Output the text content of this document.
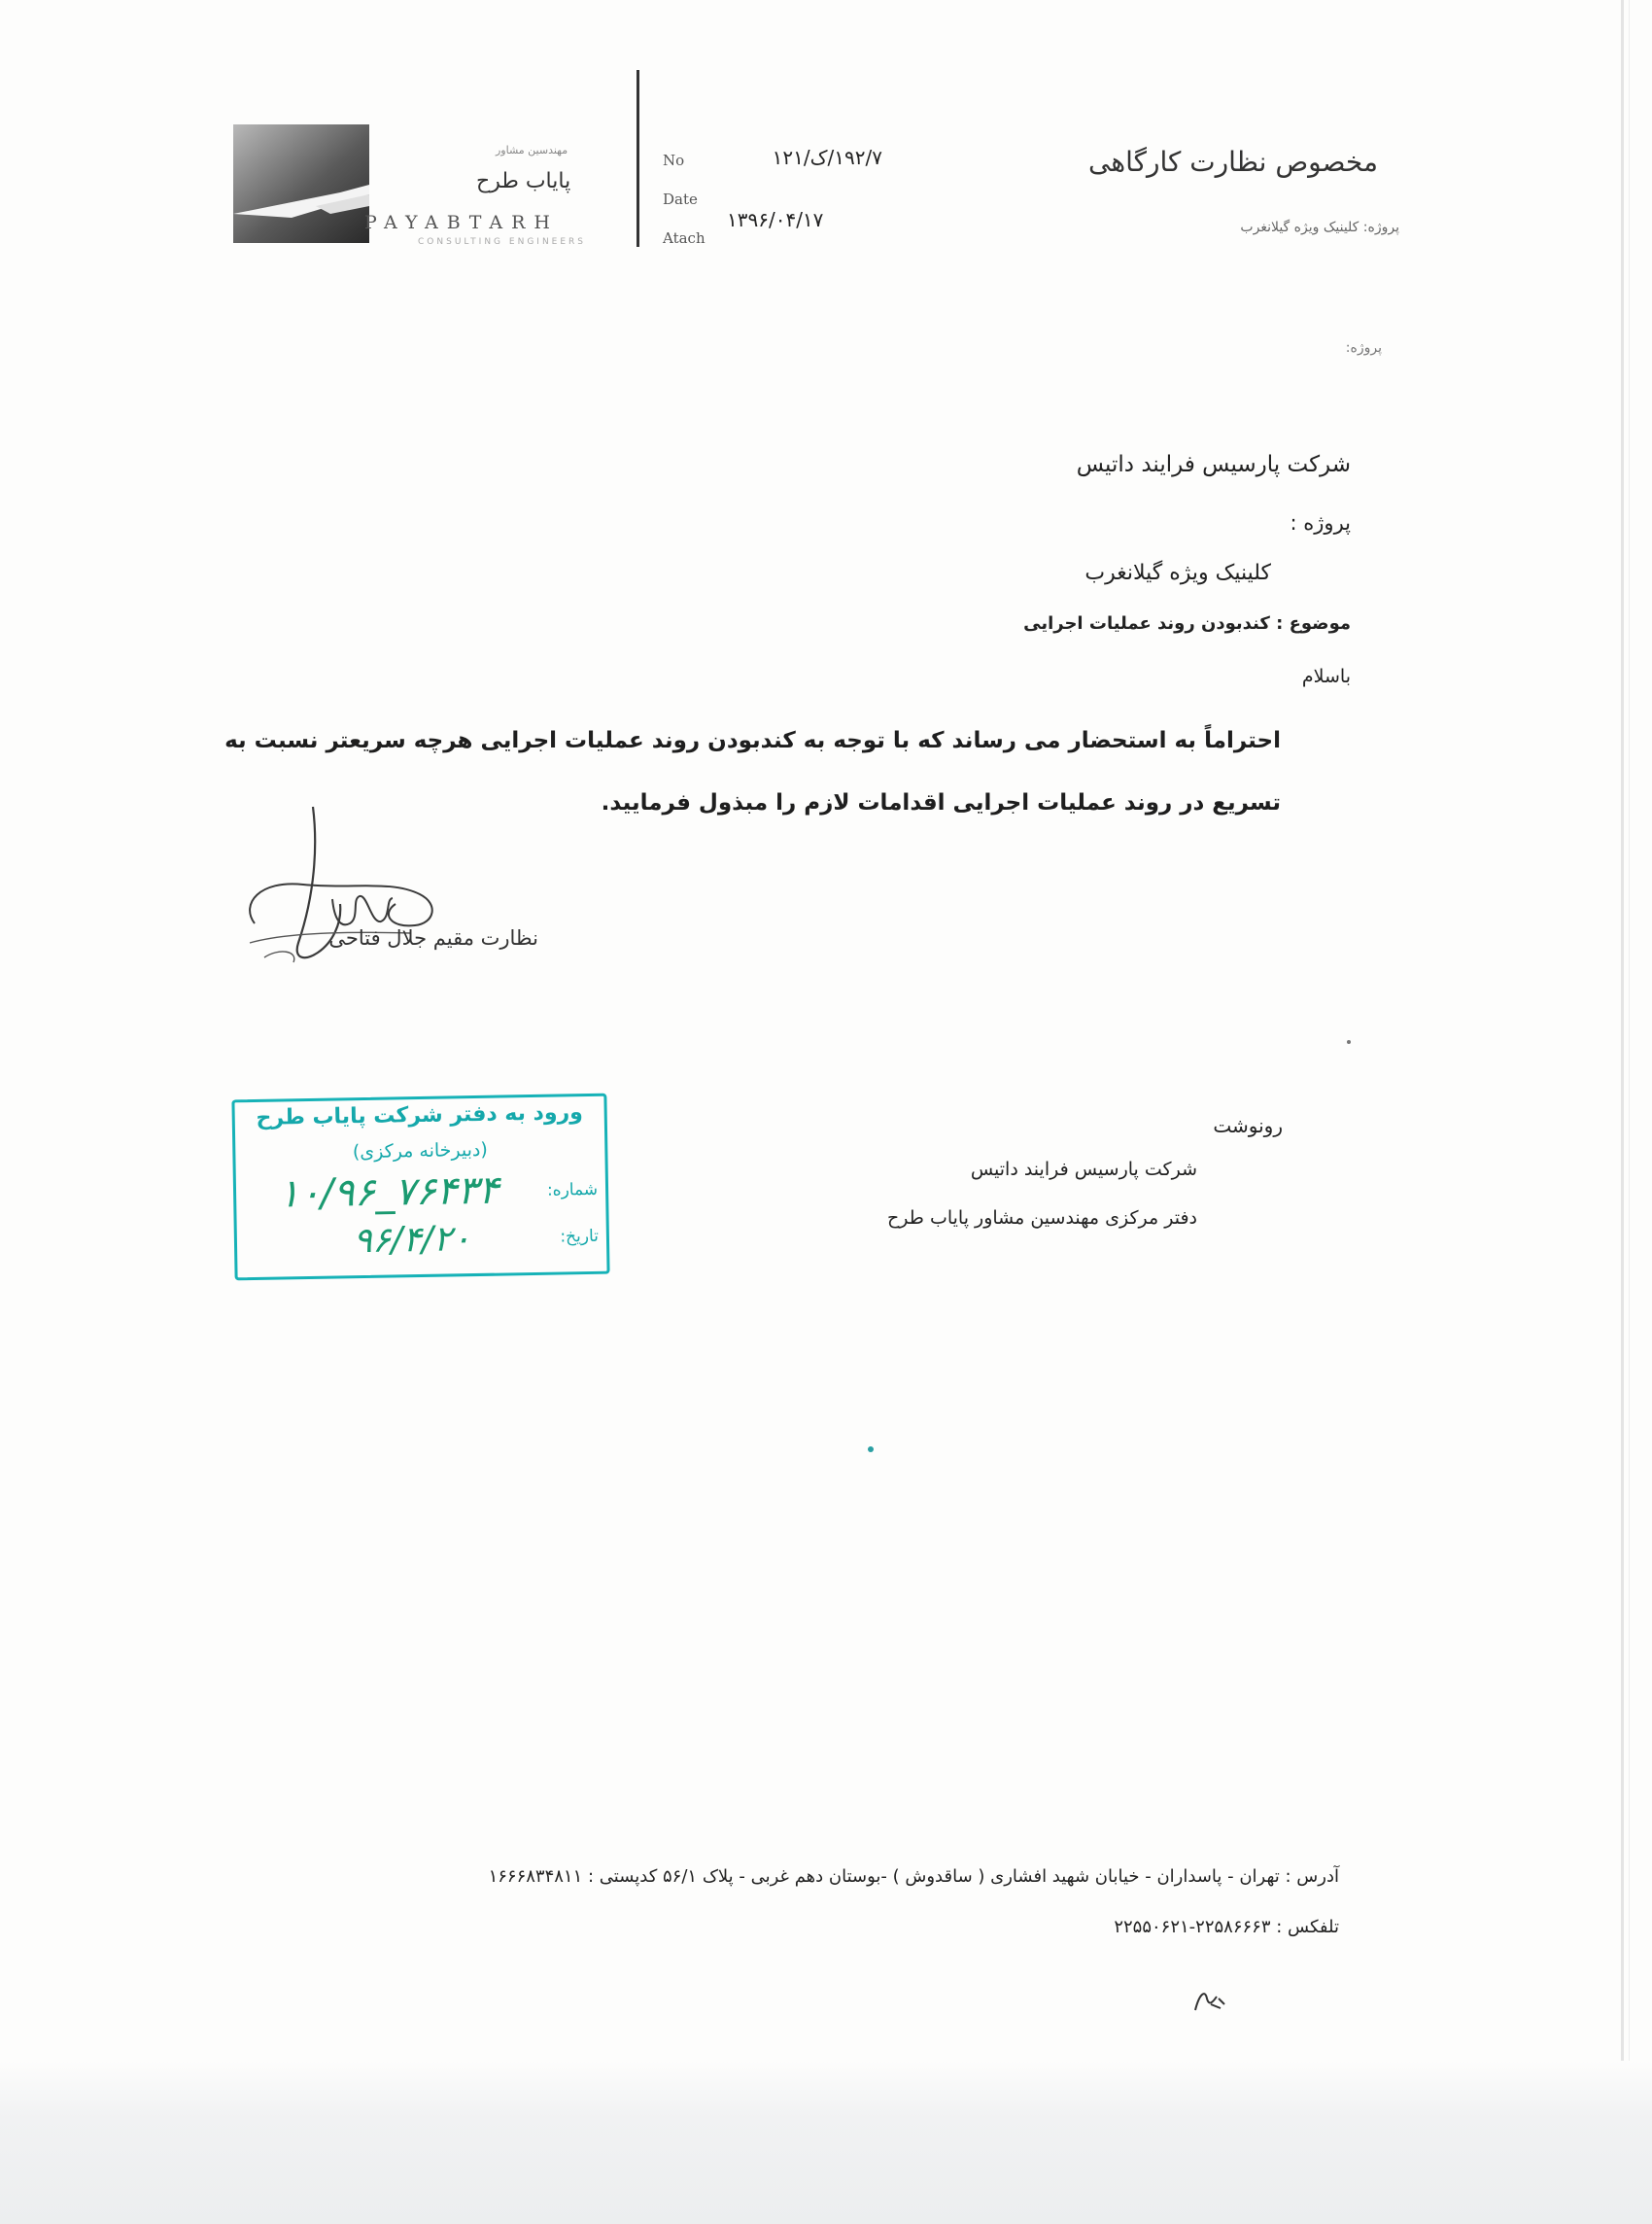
مهندسین مشاور
پایاب طرح
PAYABTARH
CONSULTING ENGINEERS
No
Date
Atach
۱۹۲/۷/ک/۱۲۱
۱۳۹۶/۰۴/۱۷
مخصوص نظارت کارگاهی
پروژه: کلینیک ویژه گیلانغرب
پروژه:
شرکت پارسیس فرایند داتیس
پروژه :
کلینیک ویژه گیلانغرب
موضوع : کندبودن روند عملیات اجرایی
باسلام
احتراماً به استحضار می رساند که با توجه به کندبودن روند عملیات اجرایی هرچه سریعتر نسبت به تسریع در روند عملیات اجرایی اقدامات لازم را مبذول فرمایید.
نظارت مقیم جلال فتاحی
ورود به دفتر شرکت پایاب طرح
(دبیرخانه مرکزی)
شماره:
۱۰/۹۶_۷۶۴۳۴
تاریخ:
۹۶/۴/۲۰
رونوشت
شرکت پارسیس فرایند داتیس
دفتر مرکزی مهندسین مشاور پایاب طرح
آدرس : تهران - پاسداران - خیابان شهید افشاری ( ساقدوش ) -بوستان دهم غربی - پلاک ۵۶/۱ کدپستی : ۱۶۶۶۸۳۴۸۱۱
تلفکس : ۲۲۵۸۶۶۶۳-۲۲۵۵۰۶۲۱
